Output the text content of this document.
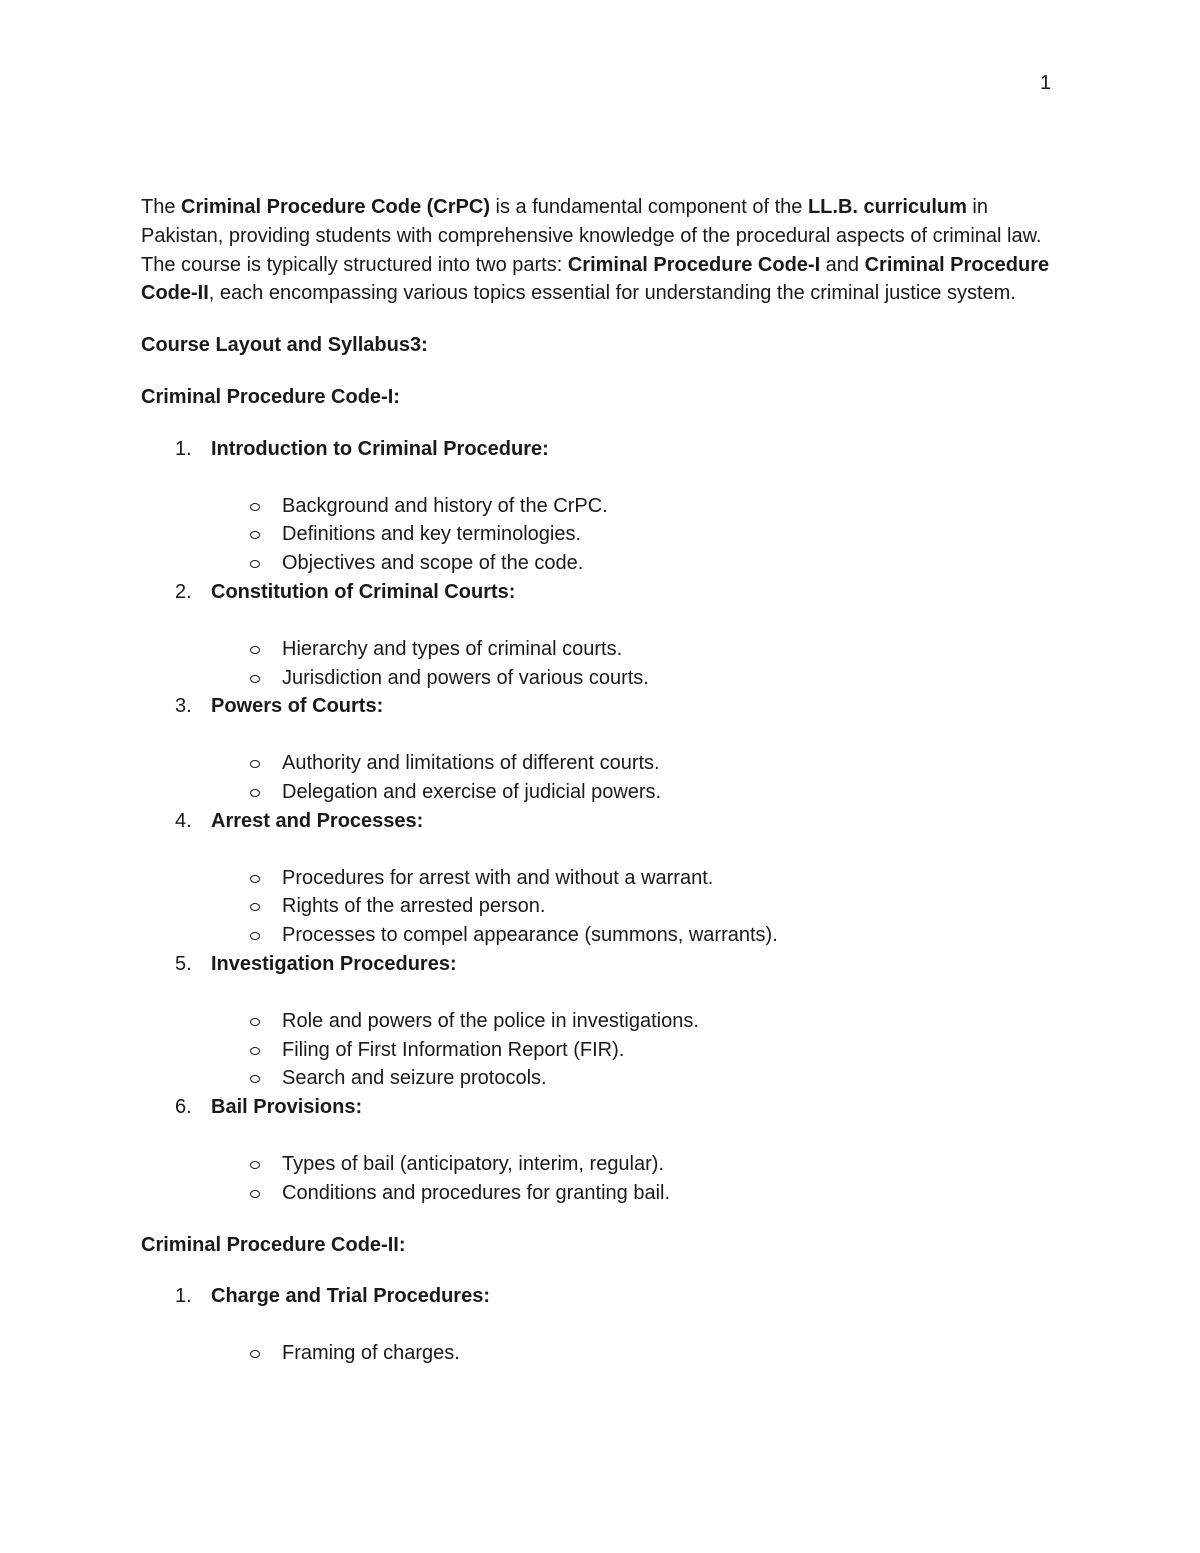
1

The Criminal Procedure Code (CrPC) is a fundamental component of the LL.B. curriculum in Pakistan, providing students with comprehensive knowledge of the procedural aspects of criminal law. The course is typically structured into two parts: Criminal Procedure Code-I and Criminal Procedure Code-II, each encompassing various topics essential for understanding the criminal justice system.

Course Layout and Syllabus3:

Criminal Procedure Code-I:

1. Introduction to Criminal Procedure:
Background and history of the CrPC.
Definitions and key terminologies.
Objectives and scope of the code.
2. Constitution of Criminal Courts:
Hierarchy and types of criminal courts.
Jurisdiction and powers of various courts.
3. Powers of Courts:
Authority and limitations of different courts.
Delegation and exercise of judicial powers.
4. Arrest and Processes:
Procedures for arrest with and without a warrant.
Rights of the arrested person.
Processes to compel appearance (summons, warrants).
5. Investigation Procedures:
Role and powers of the police in investigations.
Filing of First Information Report (FIR).
Search and seizure protocols.
6. Bail Provisions:
Types of bail (anticipatory, interim, regular).
Conditions and procedures for granting bail.

Criminal Procedure Code-II:

1. Charge and Trial Procedures:
Framing of charges.
